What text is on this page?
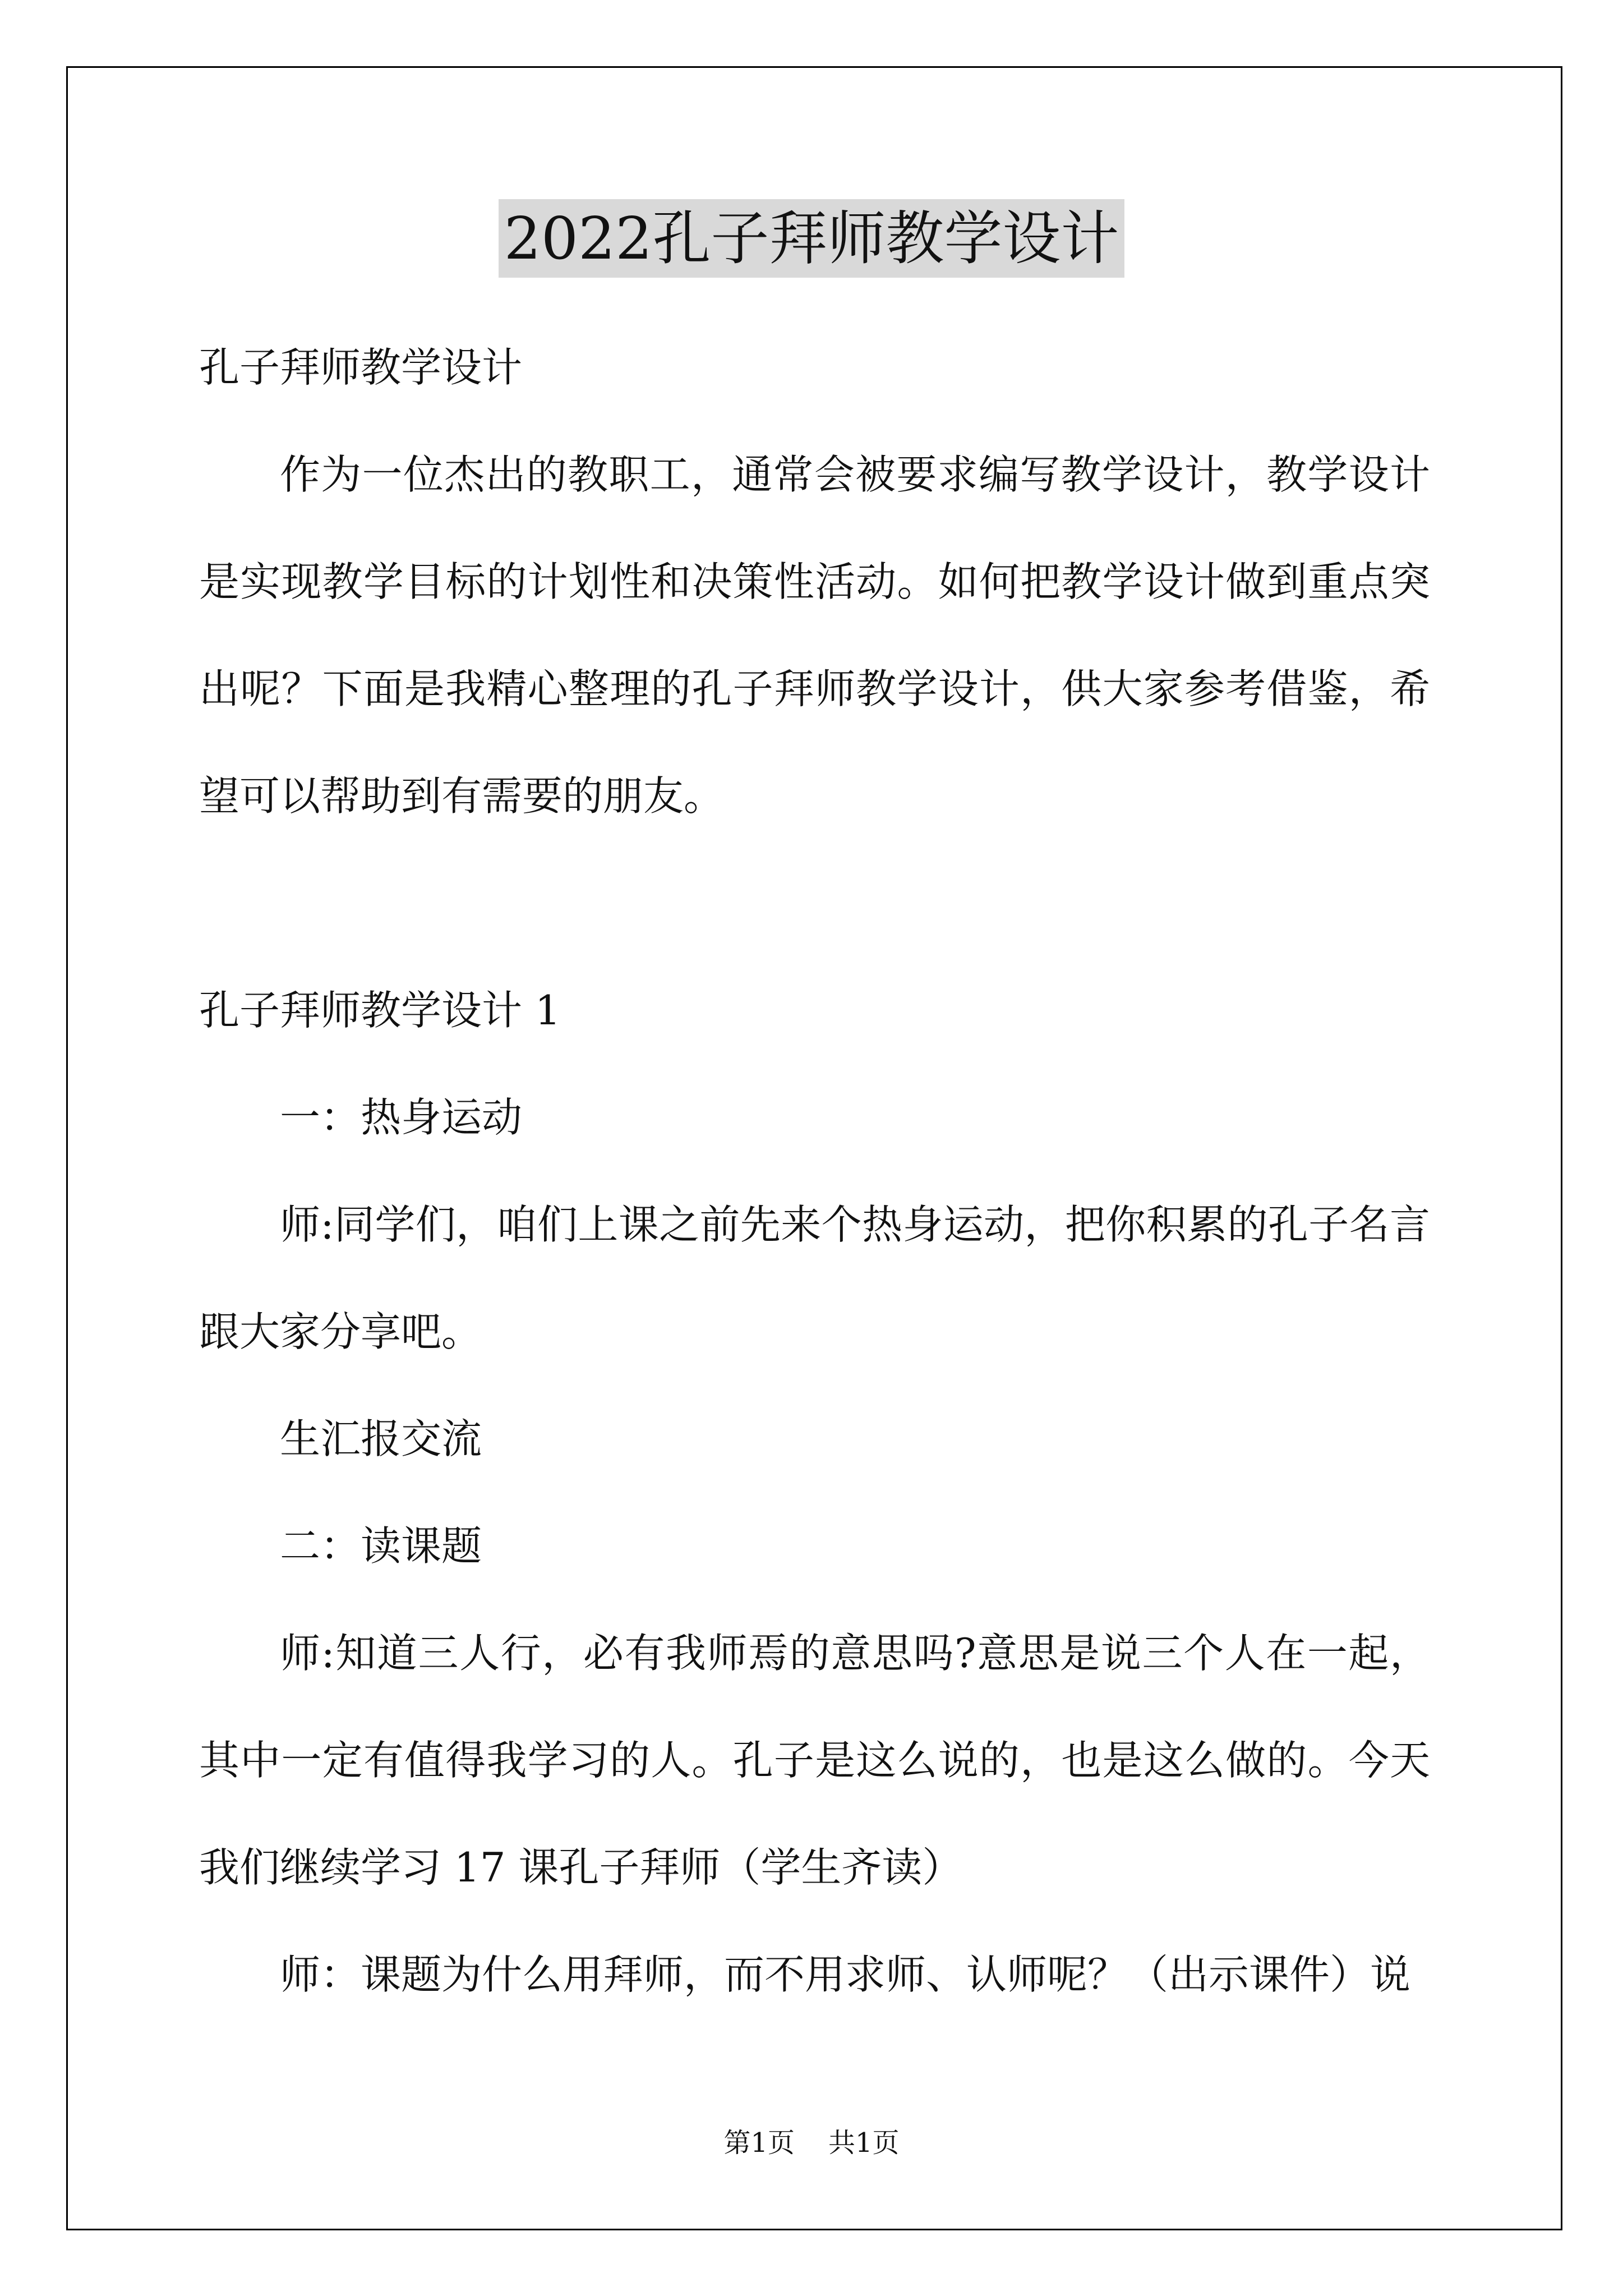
2022孔子拜师教学设计

孔子拜师教学设计

作为一位杰出的教职工，通常会被要求编写教学设计，教学设计是实现教学目标的计划性和决策性活动。如何把教学设计做到重点突出呢？下面是我精心整理的孔子拜师教学设计，供大家参考借鉴，希望可以帮助到有需要的朋友。

孔子拜师教学设计 1

一：热身运动

师:同学们，咱们上课之前先来个热身运动，把你积累的孔子名言跟大家分享吧。

生汇报交流

二：读课题

师:知道三人行，必有我师焉的意思吗?意思是说三个人在一起，其中一定有值得我学习的人。孔子是这么说的，也是这么做的。今天我们继续学习 17 课孔子拜师（学生齐读）

师：课题为什么用拜师，而不用求师、认师呢？（出示课件）说

第1页 共1页
